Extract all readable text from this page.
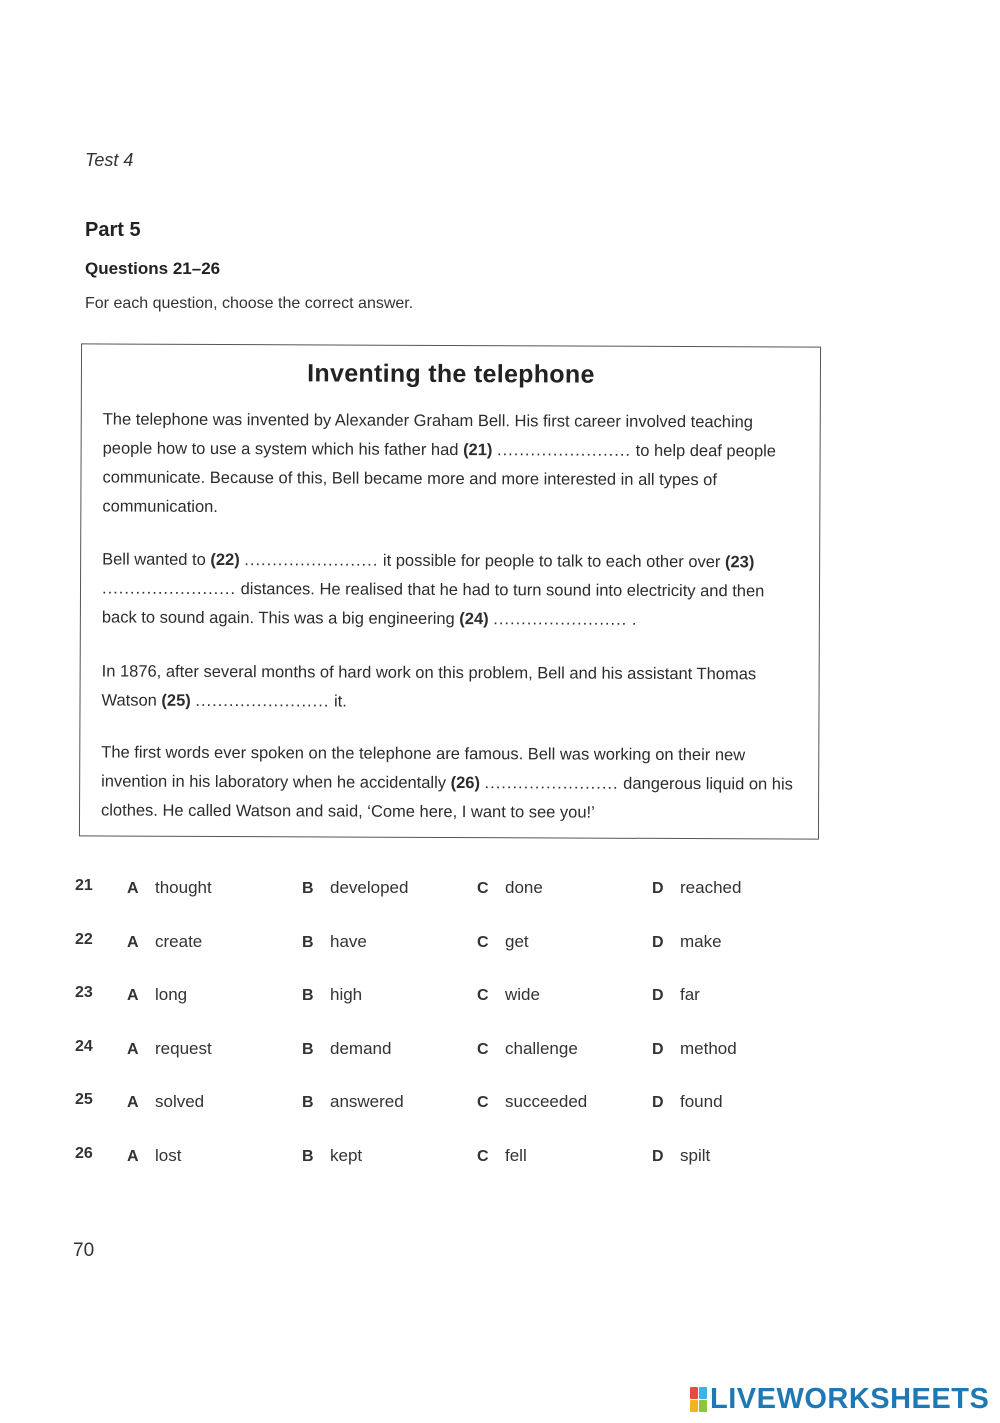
Test 4
Part 5
Questions 21–26
For each question, choose the correct answer.
Inventing the telephone
The telephone was invented by Alexander Graham Bell. His first career involved teaching people how to use a system which his father had (21) ........................ to help deaf people communicate. Because of this, Bell became more and more interested in all types of communication.
Bell wanted to (22) ........................ it possible for people to talk to each other over (23) ........................ distances. He realised that he had to turn sound into electricity and then back to sound again. This was a big engineering (24) ........................ .
In 1876, after several months of hard work on this problem, Bell and his assistant Thomas Watson (25) ........................ it.
The first words ever spoken on the telephone are famous. Bell was working on their new invention in his laboratory when he accidentally (26) ........................ dangerous liquid on his clothes. He called Watson and said, ‘Come here, I want to see you!’
21 A thought	B developed	C done	D reached
22 A create	B have	C get	D make
23 A long	B high	C wide	D far
24 A request	B demand	C challenge	D method
25 A solved	B answered	C succeeded	D found
26 A lost	B kept	C fell	D spilt
70
LIVEWORKSHEETS
